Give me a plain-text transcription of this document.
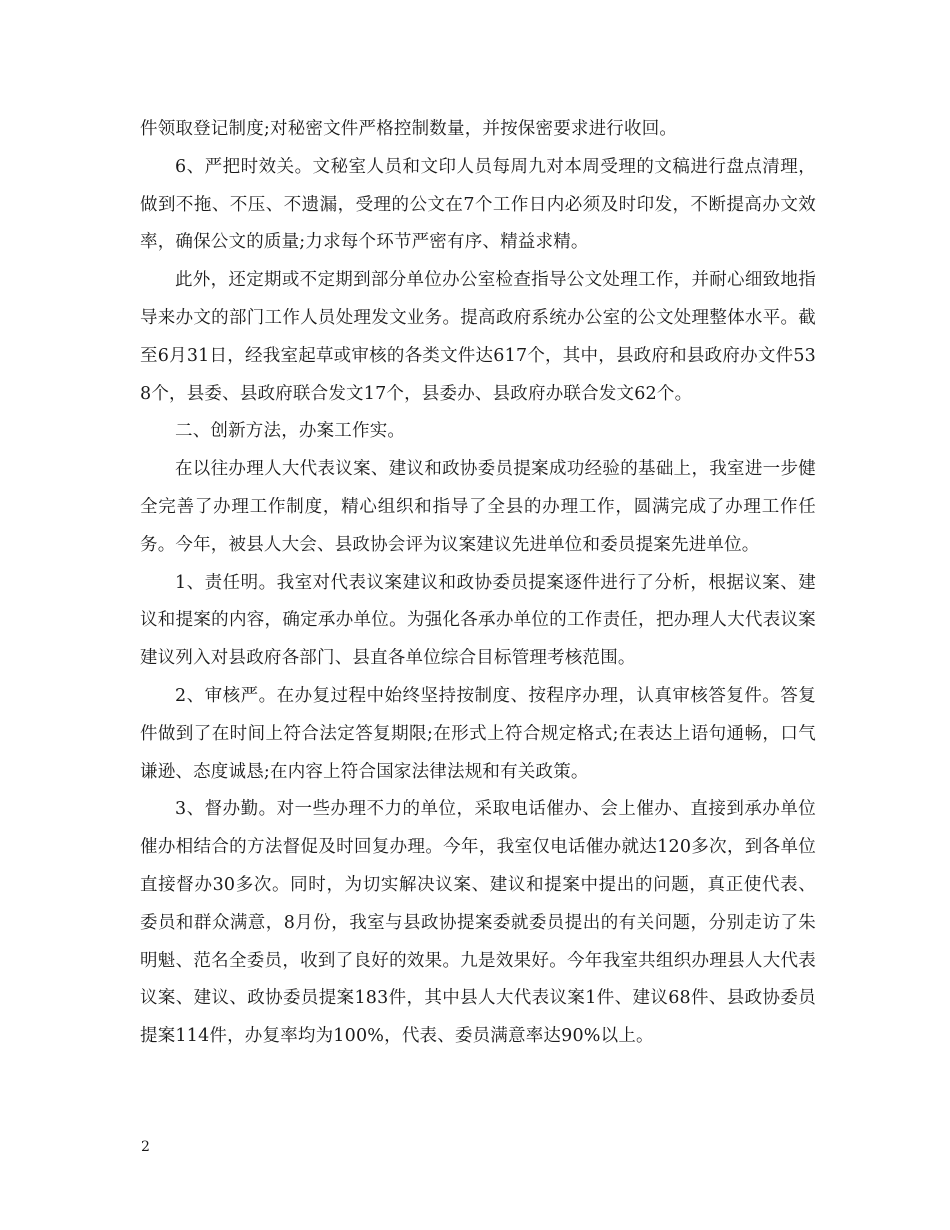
件领取登记制度;对秘密文件严格控制数量，并按保密要求进行收回。

6、严把时效关。文秘室人员和文印人员每周九对本周受理的文稿进行盘点清理，做到不拖、不压、不遗漏，受理的公文在7个工作日内必须及时印发，不断提高办文效率，确保公文的质量;力求每个环节严密有序、精益求精。

此外，还定期或不定期到部分单位办公室检查指导公文处理工作，并耐心细致地指导来办文的部门工作人员处理发文业务。提高政府系统办公室的公文处理整体水平。截至6月31日，经我室起草或审核的各类文件达617个，其中，县政府和县政府办文件538个，县委、县政府联合发文17个，县委办、县政府办联合发文62个。

二、创新方法，办案工作实。

在以往办理人大代表议案、建议和政协委员提案成功经验的基础上，我室进一步健全完善了办理工作制度，精心组织和指导了全县的办理工作，圆满完成了办理工作任务。今年，被县人大会、县政协会评为议案建议先进单位和委员提案先进单位。

1、责任明。我室对代表议案建议和政协委员提案逐件进行了分析，根据议案、建议和提案的内容，确定承办单位。为强化各承办单位的工作责任，把办理人大代表议案建议列入对县政府各部门、县直各单位综合目标管理考核范围。

2、审核严。在办复过程中始终坚持按制度、按程序办理，认真审核答复件。答复件做到了在时间上符合法定答复期限;在形式上符合规定格式;在表达上语句通畅，口气谦逊、态度诚恳;在内容上符合国家法律法规和有关政策。

3、督办勤。对一些办理不力的单位，采取电话催办、会上催办、直接到承办单位催办相结合的方法督促及时回复办理。今年，我室仅电话催办就达120多次，到各单位直接督办30多次。同时，为切实解决议案、建议和提案中提出的问题，真正使代表、委员和群众满意，8月份，我室与县政协提案委就委员提出的有关问题，分别走访了朱明魁、范名全委员，收到了良好的效果。九是效果好。今年我室共组织办理县人大代表议案、建议、政协委员提案183件，其中县人大代表议案1件、建议68件、县政协委员提案114件，办复率均为100%，代表、委员满意率达90%以上。

2
